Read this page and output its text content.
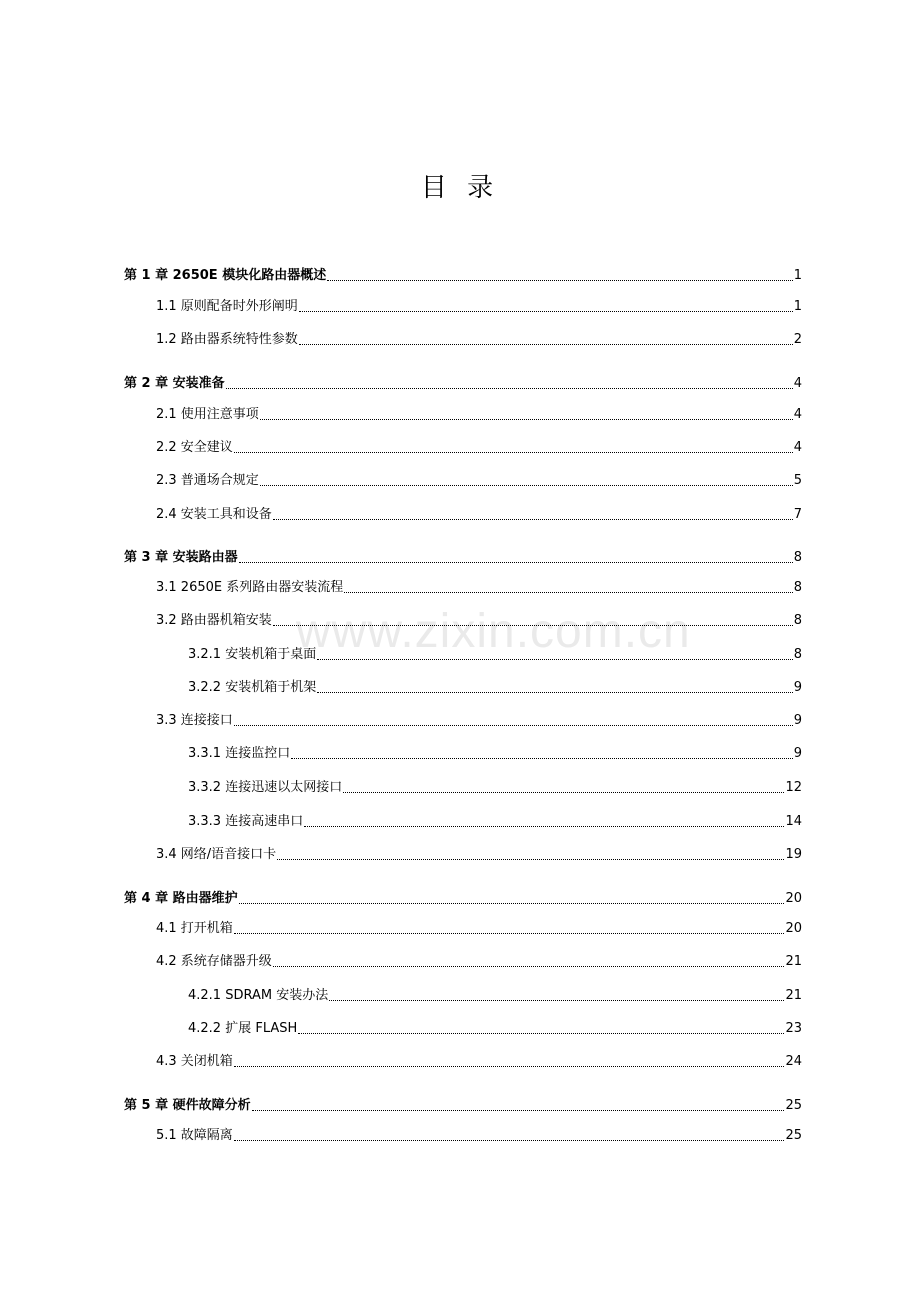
目 录
www.zixin.com.cn
第 1 章 2650E 模块化路由器概述	1
1.1 原则配备时外形阐明	1
1.2 路由器系统特性参数	2
第 2 章 安装准备	4
2.1 使用注意事项	4
2.2 安全建议	4
2.3 普通场合规定	5
2.4 安装工具和设备	7
第 3 章 安装路由器	8
3.1 2650E 系列路由器安装流程	8
3.2 路由器机箱安装	8
3.2.1 安装机箱于桌面	8
3.2.2 安装机箱于机架	9
3.3 连接接口	9
3.3.1 连接监控口	9
3.3.2 连接迅速以太网接口	12
3.3.3 连接高速串口	14
3.4 网络/语音接口卡	19
第 4 章 路由器维护	20
4.1 打开机箱	20
4.2 系统存储器升级	21
4.2.1 SDRAM 安装办法	21
4.2.2 扩展 FLASH	23
4.3 关闭机箱	24
第 5 章 硬件故障分析	25
5.1 故障隔离	25
